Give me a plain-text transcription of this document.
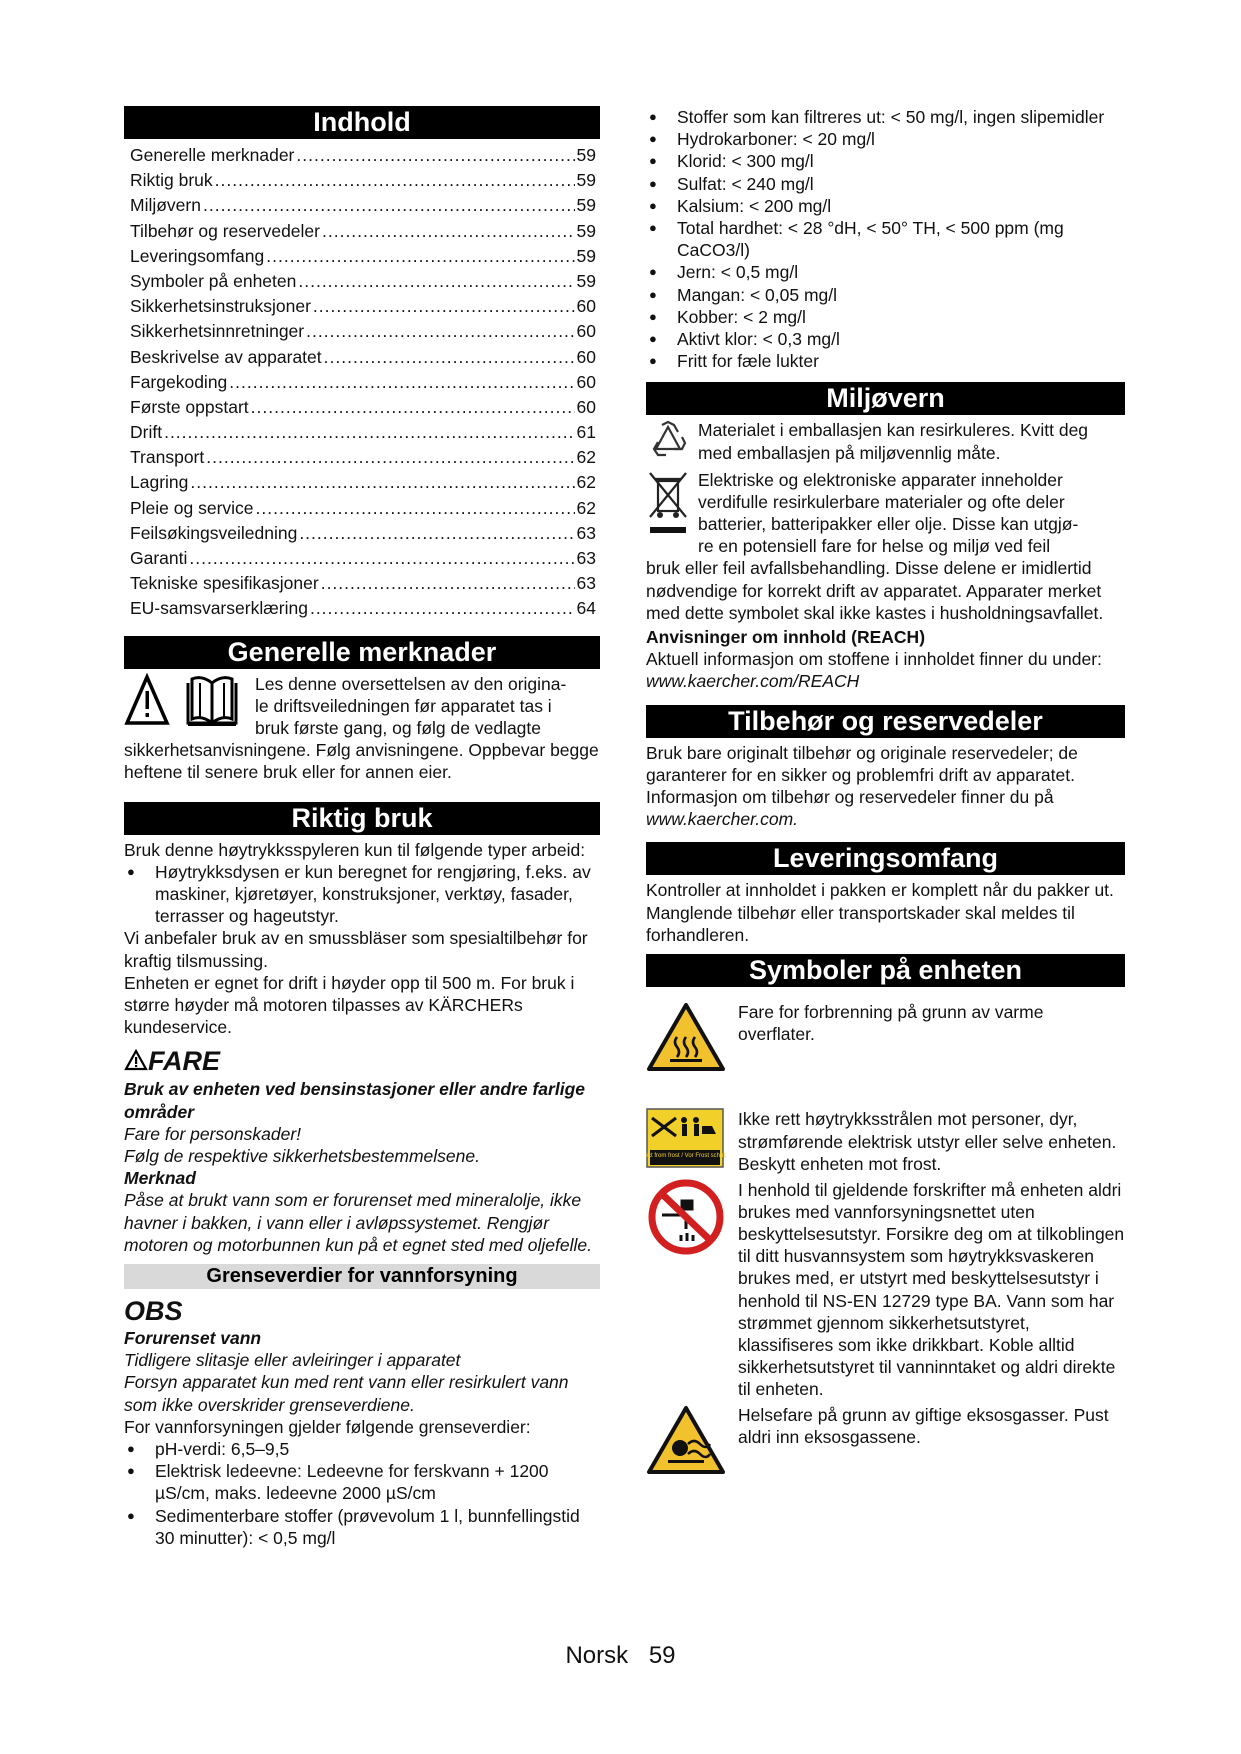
Indhold
Generelle merknader .....	59
Riktig bruk .....	59
Miljøvern .....	59
Tilbehør og reservedeler .....	59
Leveringsomfang .....	59
Symboler på enheten .....	59
Sikkerhetsinstruksjoner .....	60
Sikkerhetsinnretninger .....	60
Beskrivelse av apparatet .....	60
Fargekoding .....	60
Første oppstart .....	60
Drift .....	61
Transport .....	62
Lagring .....	62
Pleie og service .....	62
Feilsøkingsveiledning .....	63
Garanti .....	63
Tekniske spesifikasjoner .....	63
EU-samsvarserklæring .....	64
Generelle merknader

Les denne oversettelsen av den origina-

le driftsveiledningen før apparatet tas i

bruk første gang, og følg de vedlagte

sikkerhetsanvisningene. Følg anvisningene. Oppbevar begge heftene til senere bruk eller for annen eier.

Riktig bruk

Bruk denne høytrykksspyleren kun til følgende typer arbeid:

● Høytrykksdysen er kun beregnet for rengjøring, f.eks. av maskiner, kjøretøyer, konstruksjoner, verktøy, fasader, terrasser og hageutstyr.

Vi anbefaler bruk av en smussbläser som spesialtilbehør for kraftig tilsmussing.

Enheten er egnet for drift i høyder opp til 500 m. For bruk i større høyder må motoren tilpasses av KÄRCHERs kundeservice.

FARE

Bruk av enheten ved bensinstasjoner eller andre farlige områder

Fare for personskader!

Følg de respektive sikkerhetsbestemmelsene.

Merknad

Påse at brukt vann som er forurenset med mineralolje, ikke havner i bakken, i vann eller i avløpssystemet. Rengjør motoren og motorbunnen kun på et egnet sted med oljefelle.

Grenseverdier for vannforsyning
OBS

Forurenset vann

Tidligere slitasje eller avleiringer i apparatet

Forsyn apparatet kun med rent vann eller resirkulert vann som ikke overskrider grenseverdiene.

For vannforsyningen gjelder følgende grenseverdier:

● pH-verdi: 6,5–9,5
● Elektrisk ledeevne: Ledeevne for ferskvann + 1200 µS/cm, maks. ledeevne 2000 µS/cm
● Sedimenterbare stoffer (prøvevolum 1 l, bunnfellingstid 30 minutter): < 0,5 mg/l
● Stoffer som kan filtreres ut: < 50 mg/l, ingen slipemidler
● Hydrokarboner: < 20 mg/l
● Klorid: < 300 mg/l
● Sulfat: < 240 mg/l
● Kalsium: < 200 mg/l
● Total hardhet: < 28 °dH, < 50° TH, < 500 ppm (mg CaCO3/l)
● Jern: < 0,5 mg/l
● Mangan: < 0,05 mg/l
● Kobber: < 2 mg/l
● Aktivt klor: < 0,3 mg/l
● Fritt for fæle lukter
Miljøvern

Materialet i emballasjen kan resirkuleres. Kvitt deg med emballasjen på miljøvennlig måte.

Elektriske og elektroniske apparater inneholder

verdifulle resirkulerbare materialer og ofte deler

batterier, batteripakker eller olje. Disse kan utgjø-

re en potensiell fare for helse og miljø ved feil

bruk eller feil avfallsbehandling. Disse delene er imidlertid nødvendige for korrekt drift av apparatet. Apparater merket med dette symbolet skal ikke kastes i husholdningsavfallet.

Anvisninger om innhold (REACH)

Aktuell informasjon om stoffene i innholdet finner du under: www.kaercher.com/REACH

Tilbehør og reservedeler

Bruk bare originalt tilbehør og originale reservedeler; de garanterer for en sikker og problemfri drift av apparatet. Informasjon om tilbehør og reservedeler finner du på www.kaercher.com.

Leveringsomfang

Kontroller at innholdet i pakken er komplett når du pakker ut. Manglende tilbehør eller transportskader skal meldes til forhandleren.

Symboler på enheten

Fare for forbrenning på grunn av varme overflater.

ct from frost / Vor Frost schüt

Ikke rett høytrykksstrålen mot personer, dyr, strømførende elektrisk utstyr eller selve enheten.

Beskytt enheten mot frost.

I henhold til gjeldende forskrifter må enheten aldri brukes med vannforsyningsnettet uten beskyttelsesutstyr. Forsikre deg om at tilkoblingen til ditt husvannsystem som høytrykksvaskeren brukes med, er utstyrt med beskyttelsesutstyr i henhold til NS-EN 12729 type BA. Vann som har strømmet gjennom sikkerhetsutstyret, klassifiseres som ikke drikkbart. Koble alltid sikkerhetsutstyret til vanninntaket og aldri direkte til enheten.

Helsefare på grunn av giftige eksosgasser. Pust aldri inn eksosgassene.

Norsk 59
